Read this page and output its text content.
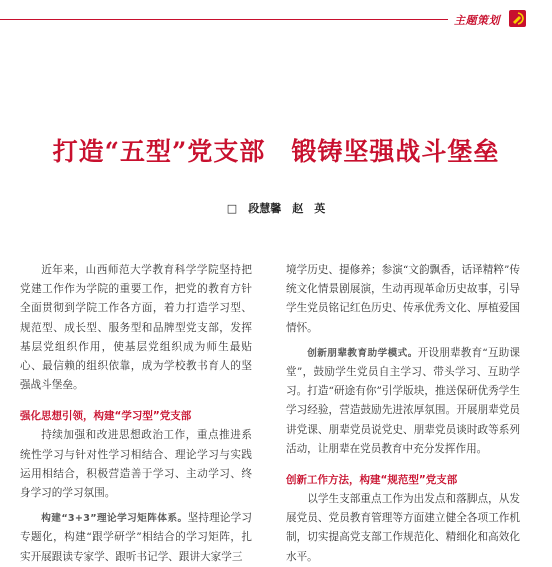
主题策划
打造“五型”党支部　锻铸坚强战斗堡垒
□　段慧馨　赵　英

近年来，山西师范大学教育科学学院坚持把党建工作作为学院的重要工作，把党的教育方针全面贯彻到学院工作各方面，着力打造学习型、规范型、成长型、服务型和品牌型党支部，发挥基层党组织作用，使基层党组织成为师生最贴心、最信赖的组织依靠，成为学校教书育人的坚强战斗堡垒。

强化思想引领，构建“学习型”党支部

持续加强和改进思想政治工作，重点推进系统性学习与针对性学习相结合、理论学习与实践运用相结合，积极营造善于学习、主动学习、终身学习的学习氛围。

构建“3+3”理论学习矩阵体系。坚持理论学习专题化，构建“跟学研学”相结合的学习矩阵，扎实开展跟读专家学、跟听书记学、跟讲大家学三

境学历史、提修养；参演“文韵飘香，话译精粹”传统文化情景剧展演，生动再现革命历史故事，引导学生党员铭记红色历史、传承优秀文化、厚植爱国情怀。

创新朋辈教育助学模式。开设朋辈教育“互助课堂”，鼓励学生党员自主学习、带头学习、互助学习。打造“研途有你”引学版块，推送保研优秀学生学习经验，营造鼓励先进浓厚氛围。开展朋辈党员讲党课、朋辈党员说党史、朋辈党员谈时政等系列活动，让朋辈在党员教育中充分发挥作用。

创新工作方法，构建“规范型”党支部

以学生支部重点工作为出发点和落脚点，从发展党员、党员教育管理等方面建立健全各项工作机制，切实提高党支部工作规范化、精细化和高效化水平。
